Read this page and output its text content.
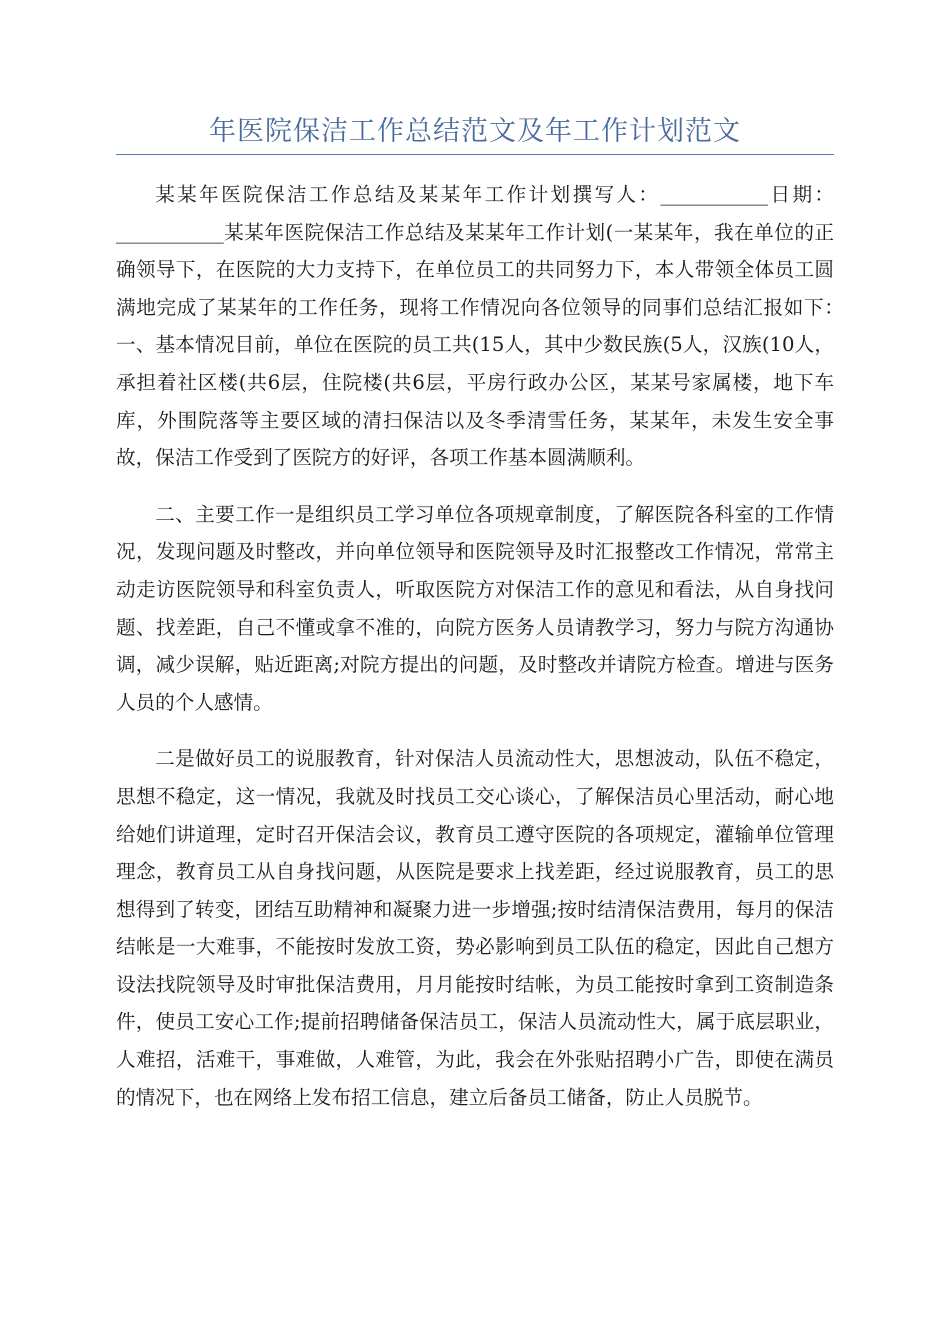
年医院保洁工作总结范文及年工作计划范文

某某年医院保洁工作总结及某某年工作计划撰写人：___________日期：___________某某年医院保洁工作总结及某某年工作计划(一某某年，我在单位的正确领导下，在医院的大力支持下，在单位员工的共同努力下，本人带领全体员工圆满地完成了某某年的工作任务，现将工作情况向各位领导的同事们总结汇报如下：　　一、基本情况目前，单位在医院的员工共(15人，其中少数民族(5人，汉族(10人，承担着社区楼(共6层，住院楼(共6层，平房行政办公区，某某号家属楼，地下车库，外围院落等主要区域的清扫保洁以及冬季清雪任务，某某年，未发生安全事故，保洁工作受到了医院方的好评，各项工作基本圆满顺利。

二、主要工作一是组织员工学习单位各项规章制度，了解医院各科室的工作情况，发现问题及时整改，并向单位领导和医院领导及时汇报整改工作情况，常常主动走访医院领导和科室负责人，听取医院方对保洁工作的意见和看法，从自身找问题、找差距，自己不懂或拿不准的，向院方医务人员请教学习，努力与院方沟通协调，减少误解，贴近距离;对院方提出的问题，及时整改并请院方检查。增进与医务人员的个人感情。

二是做好员工的说服教育，针对保洁人员流动性大，思想波动，队伍不稳定，思想不稳定，这一情况，我就及时找员工交心谈心，了解保洁员心里活动，耐心地给她们讲道理，定时召开保洁会议，教育员工遵守医院的各项规定，灌输单位管理理念，教育员工从自身找问题，从医院是要求上找差距，经过说服教育，员工的思想得到了转变，团结互助精神和凝聚力进一步增强;按时结清保洁费用，每月的保洁结帐是一大难事，不能按时发放工资，势必影响到员工队伍的稳定，因此自己想方设法找院领导及时审批保洁费用，月月能按时结帐，为员工能按时拿到工资制造条件，使员工安心工作;提前招聘储备保洁员工，保洁人员流动性大，属于底层职业，人难招，活难干，事难做，人难管，为此，我会在外张贴招聘小广告，即使在满员的情况下，也在网络上发布招工信息，建立后备员工储备，防止人员脱节。
